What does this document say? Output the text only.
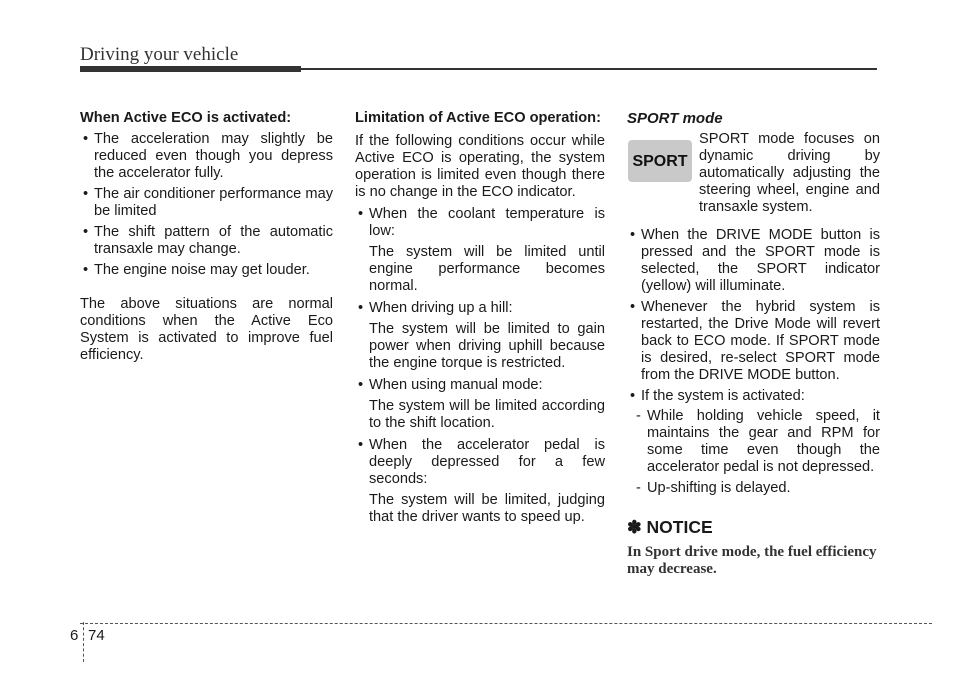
Driving your vehicle
When Active ECO is activated:

• The acceleration may slightly be reduced even though you depress the accelerator fully.

• The air conditioner performance may be limited

• The shift pattern of the automatic transaxle may change.

• The engine noise may get louder.

The above situations are normal conditions when the Active Eco System is activated to improve fuel efficiency.

Limitation of Active ECO operation:

If the following conditions occur while Active ECO is operating, the system operation is limited even though there is no change in the ECO indicator.

• When the coolant temperature is low:

The system will be limited until engine performance becomes normal.

• When driving up a hill:

The system will be limited to gain power when driving uphill because the engine torque is restricted.

• When using manual mode:

The system will be limited according to the shift location.

• When the accelerator pedal is deeply depressed for a few seconds:

The system will be limited, judging that the driver wants to speed up.

SPORT mode
SPORT

SPORT mode focuses on dynamic driving by automatically adjusting the steering wheel, engine and transaxle system.

• When the DRIVE MODE button is pressed and the SPORT mode is selected, the SPORT indicator (yellow) will illuminate.

• Whenever the hybrid system is restarted, the Drive Mode will revert back to ECO mode. If SPORT mode is desired, re-select SPORT mode from the DRIVE MODE button.

• If the system is activated:

- While holding vehicle speed, it maintains the gear and RPM for some time even though the accelerator pedal is not depressed.

- Up-shifting is delayed.

✽ NOTICE

In Sport drive mode, the fuel efficiency may decrease.

6 74
